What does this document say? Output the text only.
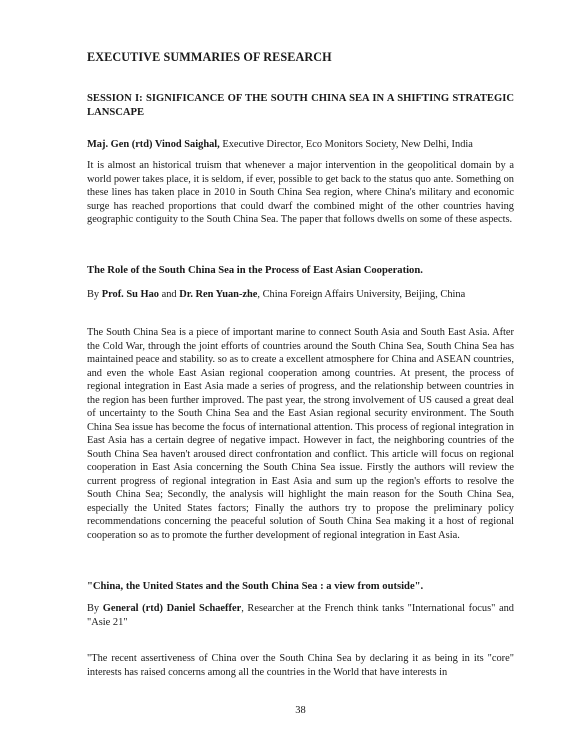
EXECUTIVE SUMMARIES OF RESEARCH
SESSION I: SIGNIFICANCE OF THE SOUTH CHINA SEA IN A SHIFTING STRATEGIC LANSCAPE

Maj. Gen (rtd) Vinod Saighal, Executive Director, Eco Monitors Society, New Delhi, India

It is almost an historical truism that whenever a major intervention in the geopolitical domain by a world power takes place, it is seldom, if ever, possible to get back to the status quo ante. Something on these lines has taken place in 2010 in South China Sea region, where China's military and economic surge has reached proportions that could dwarf the combined might of the other countries having geographic contiguity to the South China Sea. The paper that follows dwells on some of these aspects.

The Role of the South China Sea in the Process of East Asian Cooperation.

By Prof. Su Hao and Dr. Ren Yuan-zhe, China Foreign Affairs University, Beijing, China

The South China Sea is a piece of important marine to connect South Asia and South East Asia. After the Cold War, through the joint efforts of countries around the South China Sea, South China Sea has maintained peace and stability. so as to create a excellent atmosphere for China and ASEAN countries, and even the whole East Asian regional cooperation among countries. At present, the process of regional integration in East Asia made a series of progress, and the relationship between countries in the region has been further improved. The past year, the strong involvement of US caused a great deal of uncertainty to the South China Sea and the East Asian regional security environment. The South China Sea issue has become the focus of international attention. This process of regional integration in East Asia has a certain degree of negative impact. However in fact, the neighboring countries of the South China Sea haven't aroused direct confrontation and conflict. This article will focus on regional cooperation in East Asia concerning the South China Sea issue. Firstly the authors will review the current progress of regional integration in East Asia and sum up the region's efforts to resolve the South China Sea; Secondly, the analysis will highlight the main reason for the South China Sea, especially the United States factors; Finally the authors try to propose the preliminary policy recommendations concerning the peaceful solution of South China Sea making it a host of regional cooperation so as to promote the further development of regional integration in East Asia.

"China, the United States and the South China Sea : a view from outside".

By General (rtd) Daniel Schaeffer, Researcher at the French think tanks "International focus" and "Asie 21"

"The recent assertiveness of China over the South China Sea by declaring it as being in its "core" interests has raised concerns among all the countries in the World that have interests in

38
